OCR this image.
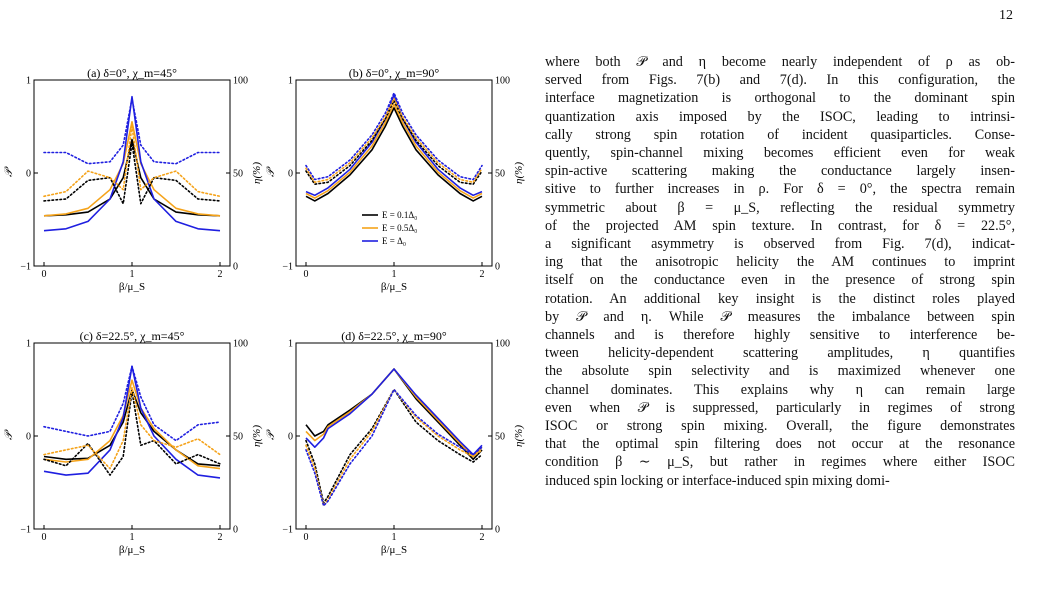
12
(a) δ=0°, χ_m=45°
1
0
−1
100
50
0
0	1	2
𝒫	η(%)
β/μ_S
(b) δ=0°, χ_m=90°
1
0
−1
100
50
0
0	1	2
𝒫	η(%)
β/μ_S
E = 0.1Δ₀
E = 0.5Δ₀
E = Δ₀
(c) δ=22.5°, χ_m=45°
1
0
−1
100
50
0
0	1	2
𝒫	η(%)
β/μ_S
(d) δ=22.5°, χ_m=90°
1
0
−1
100
50
0
0	1	2
𝒫	η(%)
β/μ_S
where both 𝒫 and η become nearly independent of ρ as ob-
served from Figs. 7(b) and 7(d). In this configuration, the
interface magnetization is orthogonal to the dominant spin
quantization axis imposed by the ISOC, leading to intrinsi-
cally strong spin rotation of incident quasiparticles. Conse-
quently, spin-channel mixing becomes efficient even for weak
spin-active scattering making the conductance largely insen-
sitive to further increases in ρ. For δ = 0°, the spectra remain
symmetric about β = μ_S, reflecting the residual symmetry
of the projected AM spin texture. In contrast, for δ = 22.5°,
a significant asymmetry is observed from Fig. 7(d), indicat-
ing that the anisotropic helicity the AM continues to imprint
itself on the conductance even in the presence of strong spin
rotation. An additional key insight is the distinct roles played
by 𝒫 and η. While 𝒫 measures the imbalance between spin
channels and is therefore highly sensitive to interference be-
tween helicity-dependent scattering amplitudes, η quantifies
the absolute spin selectivity and is maximized whenever one
channel dominates. This explains why η can remain large
even when 𝒫 is suppressed, particularly in regimes of strong
ISOC or strong spin mixing. Overall, the figure demonstrates
that the optimal spin filtering does not occur at the resonance
condition β ∼ μ_S, but rather in regimes where either ISOC
induced spin locking or interface-induced spin mixing domi-
